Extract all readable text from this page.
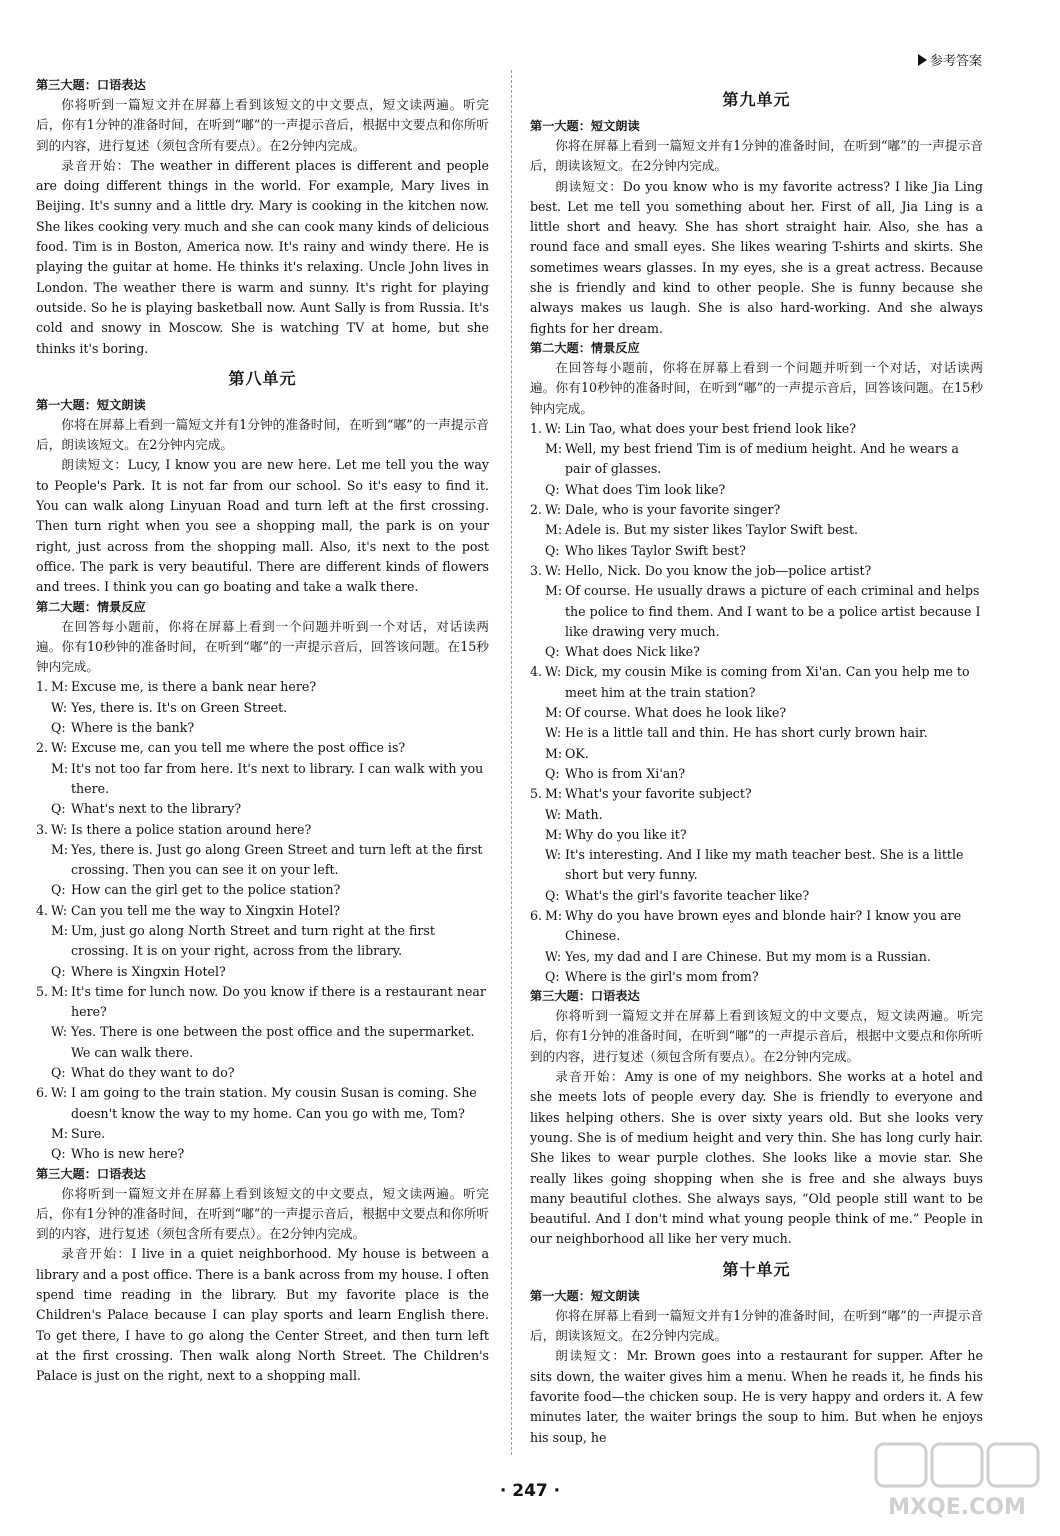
参考答案
第三大题：口语表达

你将听到一篇短文并在屏幕上看到该短文的中文要点，短文读两遍。听完后，你有1分钟的准备时间，在听到“嘟”的一声提示音后，根据中文要点和你所听到的内容，进行复述（须包含所有要点）。在2分钟内完成。

录音开始：The weather in different places is different and people are doing different things in the world. For example, Mary lives in Beijing. It's sunny and a little dry. Mary is cooking in the kitchen now. She likes cooking very much and she can cook many kinds of delicious food. Tim is in Boston, America now. It's rainy and windy there. He is playing the guitar at home. He thinks it's relaxing. Uncle John lives in London. The weather there is warm and sunny. It's right for playing outside. So he is playing basketball now. Aunt Sally is from Russia. It's cold and snowy in Moscow. She is watching TV at home, but she thinks it's boring.

第八单元
第一大题：短文朗读

你将在屏幕上看到一篇短文并有1分钟的准备时间，在听到“嘟”的一声提示音后，朗读该短文。在2分钟内完成。

朗读短文：Lucy, I know you are new here. Let me tell you the way to People's Park. It is not far from our school. So it's easy to find it. You can walk along Linyuan Road and turn left at the first crossing. Then turn right when you see a shopping mall, the park is on your right, just across from the shopping mall. Also, it's next to the post office. The park is very beautiful. There are different kinds of flowers and trees. I think you can go boating and take a walk there.

第二大题：情景反应

在回答每小题前，你将在屏幕上看到一个问题并听到一个对话，对话读两遍。你有10秒钟的准备时间，在听到“嘟”的一声提示音后，回答该问题。在15秒钟内完成。

1. M: Excuse me, is there a bank near here?
W: Yes, there is. It's on Green Street.
Q: Where is the bank?
2. W: Excuse me, can you tell me where the post office is?
M: It's not too far from here. It's next to library. I can walk with you there.
Q: What's next to the library?
3. W: Is there a police station around here?
M: Yes, there is. Just go along Green Street and turn left at the first crossing. Then you can see it on your left.
Q: How can the girl get to the police station?
4. W: Can you tell me the way to Xingxin Hotel?
M: Um, just go along North Street and turn right at the first crossing. It is on your right, across from the library.
Q: Where is Xingxin Hotel?
5. M: It's time for lunch now. Do you know if there is a restaurant near here?
W: Yes. There is one between the post office and the supermarket. We can walk there.
Q: What do they want to do?
6. W: I am going to the train station. My cousin Susan is coming. She doesn't know the way to my home. Can you go with me, Tom?
M: Sure.
Q: Who is new here?
第三大题：口语表达

你将听到一篇短文并在屏幕上看到该短文的中文要点，短文读两遍。听完后，你有1分钟的准备时间，在听到“嘟”的一声提示音后，根据中文要点和你所听到的内容，进行复述（须包含所有要点）。在2分钟内完成。

录音开始：I live in a quiet neighborhood. My house is between a library and a post office. There is a bank across from my house. I often spend time reading in the library. But my favorite place is the Children's Palace because I can play sports and learn English there. To get there, I have to go along the Center Street, and then turn left at the first crossing. Then walk along North Street. The Children's Palace is just on the right, next to a shopping mall.

第九单元
第一大题：短文朗读

你将在屏幕上看到一篇短文并有1分钟的准备时间，在听到“嘟”的一声提示音后，朗读该短文。在2分钟内完成。

朗读短文：Do you know who is my favorite actress? I like Jia Ling best. Let me tell you something about her. First of all, Jia Ling is a little short and heavy. She has short straight hair. Also, she has a round face and small eyes. She likes wearing T-shirts and skirts. She sometimes wears glasses. In my eyes, she is a great actress. Because she is friendly and kind to other people. She is funny because she always makes us laugh. She is also hard-working. And she always fights for her dream.

第二大题：情景反应

在回答每小题前，你将在屏幕上看到一个问题并听到一个对话，对话读两遍。你有10秒钟的准备时间，在听到“嘟”的一声提示音后，回答该问题。在15秒钟内完成。

1. W: Lin Tao, what does your best friend look like?
M: Well, my best friend Tim is of medium height. And he wears a pair of glasses.
Q: What does Tim look like?
2. W: Dale, who is your favorite singer?
M: Adele is. But my sister likes Taylor Swift best.
Q: Who likes Taylor Swift best?
3. W: Hello, Nick. Do you know the job—police artist?
M: Of course. He usually draws a picture of each criminal and helps the police to find them. And I want to be a police artist because I like drawing very much.
Q: What does Nick like?
4. W: Dick, my cousin Mike is coming from Xi'an. Can you help me to meet him at the train station?
M: Of course. What does he look like?
W: He is a little tall and thin. He has short curly brown hair.
M: OK.
Q: Who is from Xi'an?
5. M: What's your favorite subject?
W: Math.
M: Why do you like it?
W: It's interesting. And I like my math teacher best. She is a little short but very funny.
Q: What's the girl's favorite teacher like?
6. M: Why do you have brown eyes and blonde hair? I know you are Chinese.
W: Yes, my dad and I are Chinese. But my mom is a Russian.
Q: Where is the girl's mom from?
第三大题：口语表达

你将听到一篇短文并在屏幕上看到该短文的中文要点，短文读两遍。听完后，你有1分钟的准备时间，在听到“嘟”的一声提示音后，根据中文要点和你所听到的内容，进行复述（须包含所有要点）。在2分钟内完成。

录音开始：Amy is one of my neighbors. She works at a hotel and she meets lots of people every day. She is friendly to everyone and likes helping others. She is over sixty years old. But she looks very young. She is of medium height and very thin. She has long curly hair. She likes to wear purple clothes. She looks like a movie star. She really likes going shopping when she is free and she always buys many beautiful clothes. She always says, “Old people still want to be beautiful. And I don't mind what young people think of me.” People in our neighborhood all like her very much.

第十单元
第一大题：短文朗读

你将在屏幕上看到一篇短文并有1分钟的准备时间，在听到“嘟”的一声提示音后，朗读该短文。在2分钟内完成。

朗读短文：Mr. Brown goes into a restaurant for supper. After he sits down, the waiter gives him a menu. When he reads it, he finds his favorite food—the chicken soup. He is very happy and orders it. A few minutes later, the waiter brings the soup to him. But when he enjoys his soup, he

· 247 ·
MXQE.COM
